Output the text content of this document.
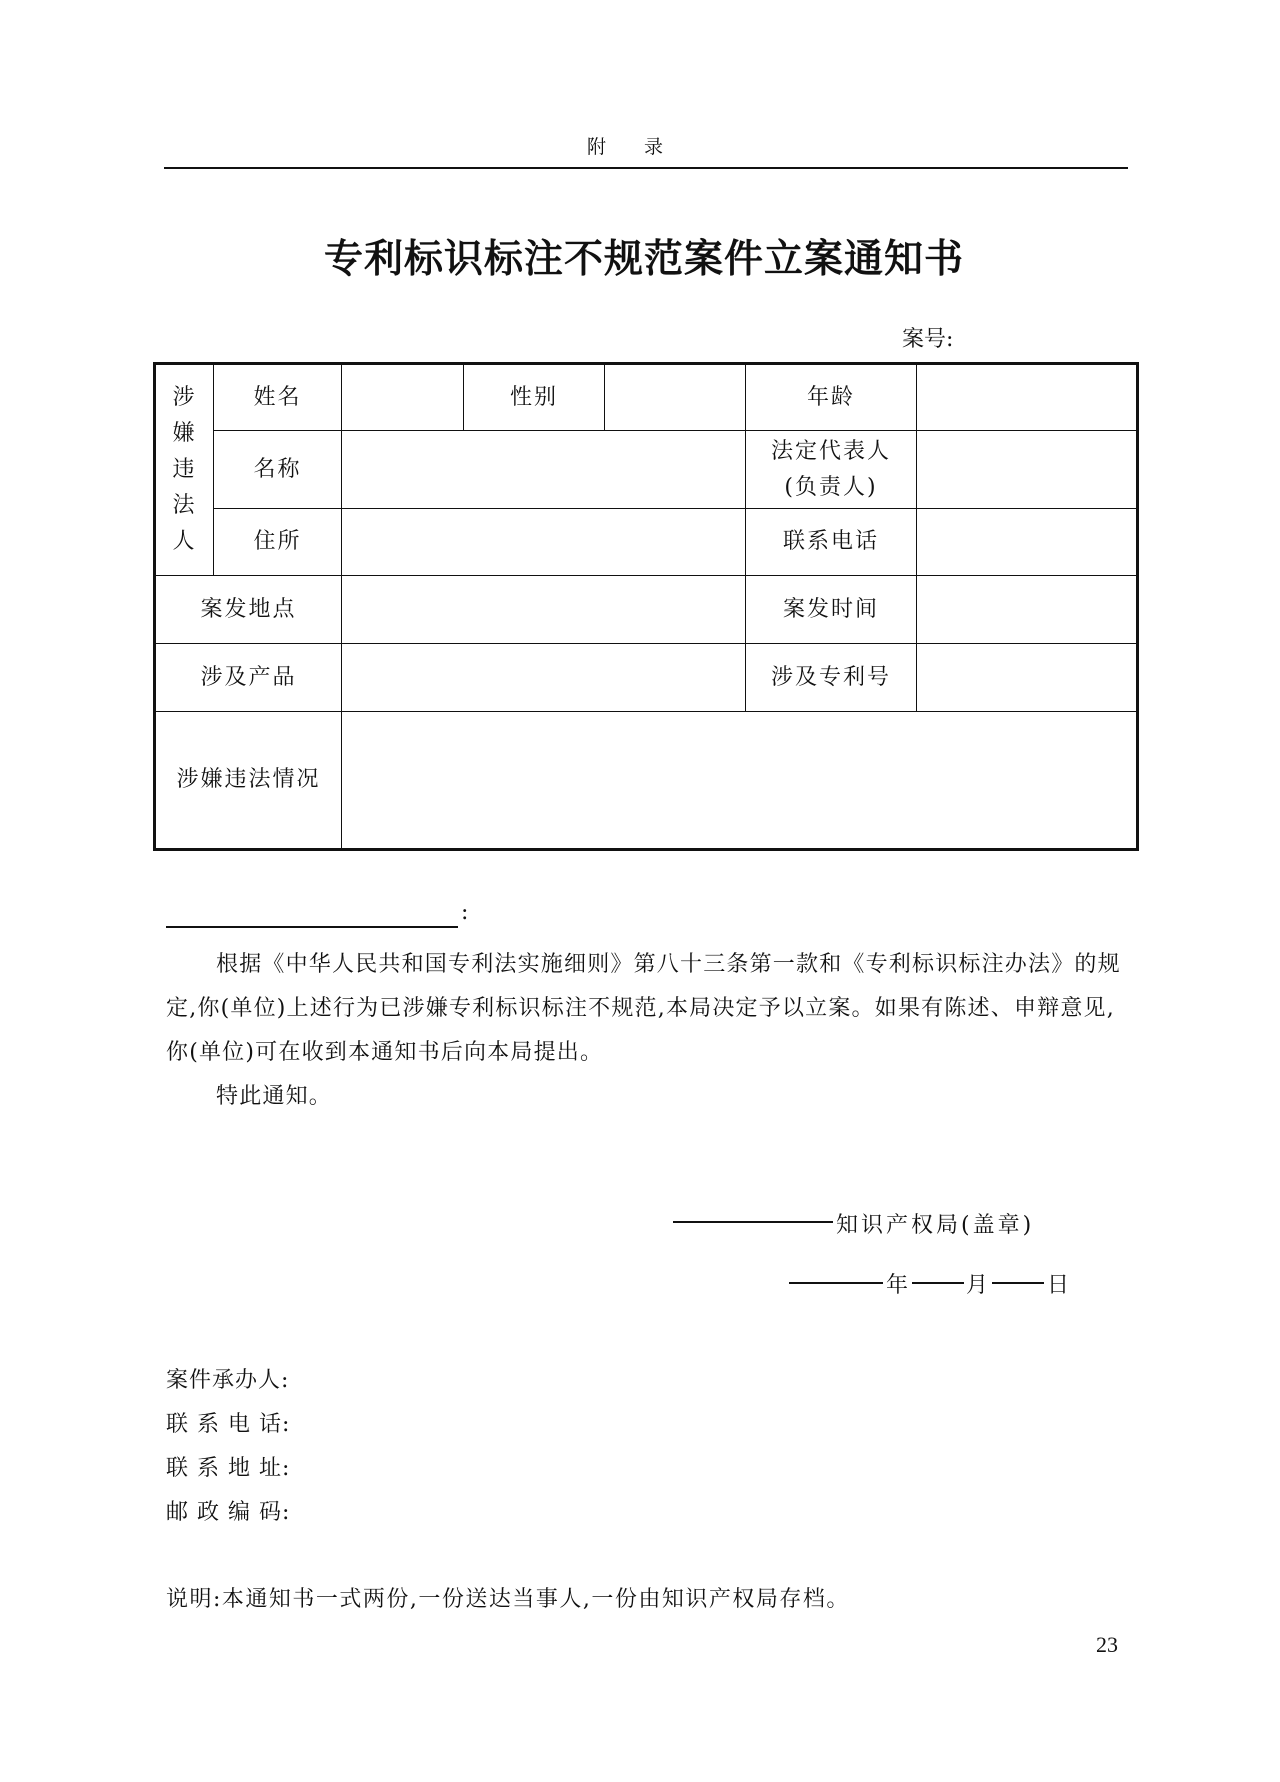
附录
专利标识标注不规范案件立案通知书
案号:
涉
嫌
违
法
人	姓名		性别		年龄	
	名称				法定代表人
(负责人)	

	住所				联系电话	
案发地点					案发时间	
涉及产品					涉及专利号	
涉嫌违法情况						
:

根据《中华人民共和国专利法实施细则》第八十三条第一款和《专利标识标注办法》的规定,你(单位)上述行为已涉嫌专利标识标注不规范,本局决定予以立案。如果有陈述、申辩意见,你(单位)可在收到本通知书后向本局提出。

特此通知。

知识产权局(盖章)
年	月	日
案件承办人:
联 系 电 话:
联 系 地 址:
邮 政 编 码:
说明:本通知书一式两份,一份送达当事人,一份由知识产权局存档。
23
